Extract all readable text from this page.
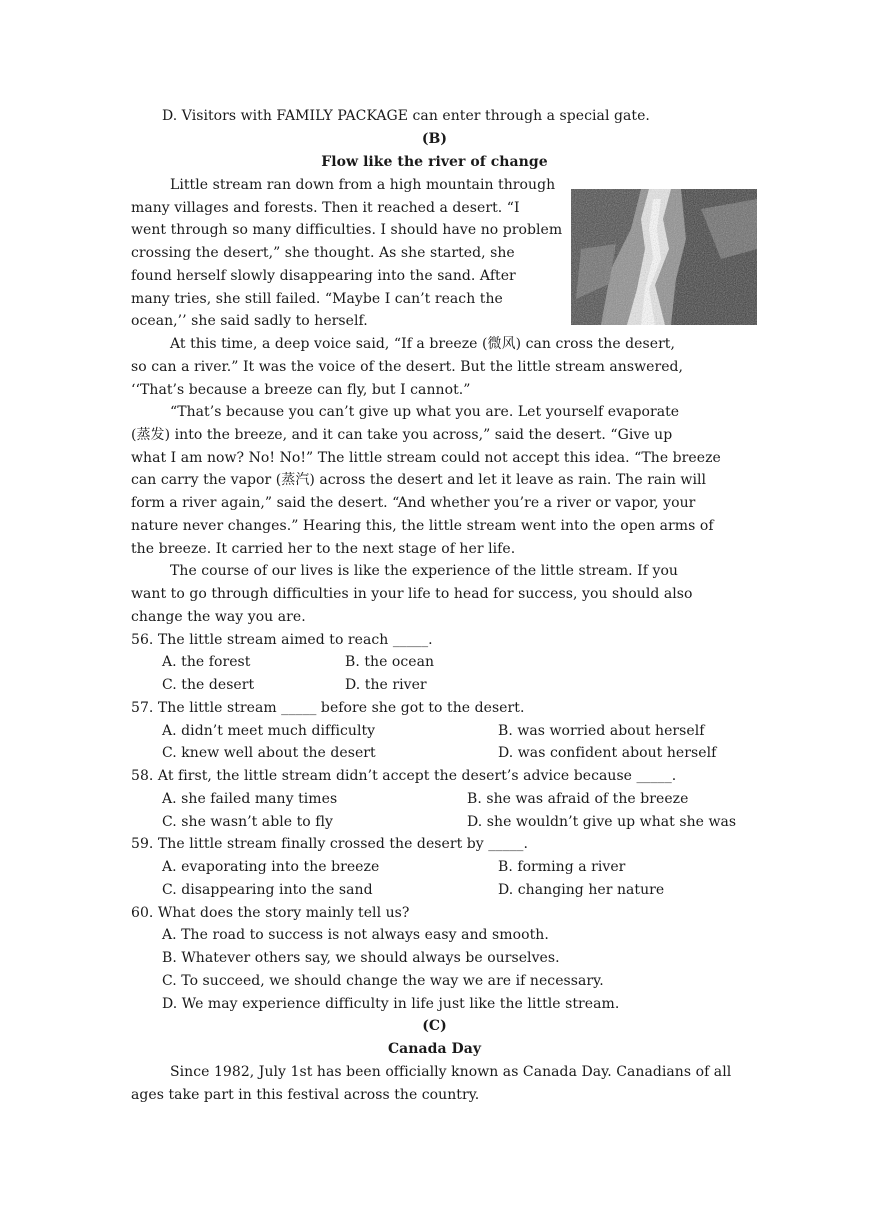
D. Visitors with FAMILY PACKAGE can enter through a special gate.
(B)
Flow like the river of change
Little stream ran down from a high mountain through
many villages and forests. Then it reached a desert. “I
went through so many difficulties. I should have no problem
crossing the desert,” she thought. As she started, she
found herself slowly disappearing into the sand. After
many tries, she still failed. “Maybe I can’t reach the
ocean,’’ she said sadly to herself.
At this time, a deep voice said, “If a breeze (微风) can cross the desert,
so can a river.” It was the voice of the desert. But the little stream answered,
‘‘That’s because a breeze can fly, but I cannot.”
“That’s because you can’t give up what you are. Let yourself evaporate
(蒸发) into the breeze, and it can take you across,” said the desert. “Give up
what I am now? No! No!” The little stream could not accept this idea. “The breeze
can carry the vapor (蒸汽) across the desert and let it leave as rain. The rain will
form a river again,” said the desert. “And whether you’re a river or vapor, your
nature never changes.” Hearing this, the little stream went into the open arms of
the breeze. It carried her to the next stage of her life.
The course of our lives is like the experience of the little stream. If you
want to go through difficulties in your life to head for success, you should also
change the way you are.
56. The little stream aimed to reach _____.
A. the forest	B. the ocean
C. the desert	D. the river
57. The little stream _____ before she got to the desert.
A. didn’t meet much difficulty	B. was worried about herself
C. knew well about the desert	D. was confident about herself
58. At first, the little stream didn’t accept the desert’s advice because _____.
A. she failed many times	B. she was afraid of the breeze
C. she wasn’t able to fly	D. she wouldn’t give up what she was
59. The little stream finally crossed the desert by _____.
A. evaporating into the breeze	B. forming a river
C. disappearing into the sand	D. changing her nature
60. What does the story mainly tell us?
A. The road to success is not always easy and smooth.
B. Whatever others say, we should always be ourselves.
C. To succeed, we should change the way we are if necessary.
D. We may experience difficulty in life just like the little stream.
(C)
Canada Day
Since 1982, July 1st has been officially known as Canada Day. Canadians of all
ages take part in this festival across the country.
